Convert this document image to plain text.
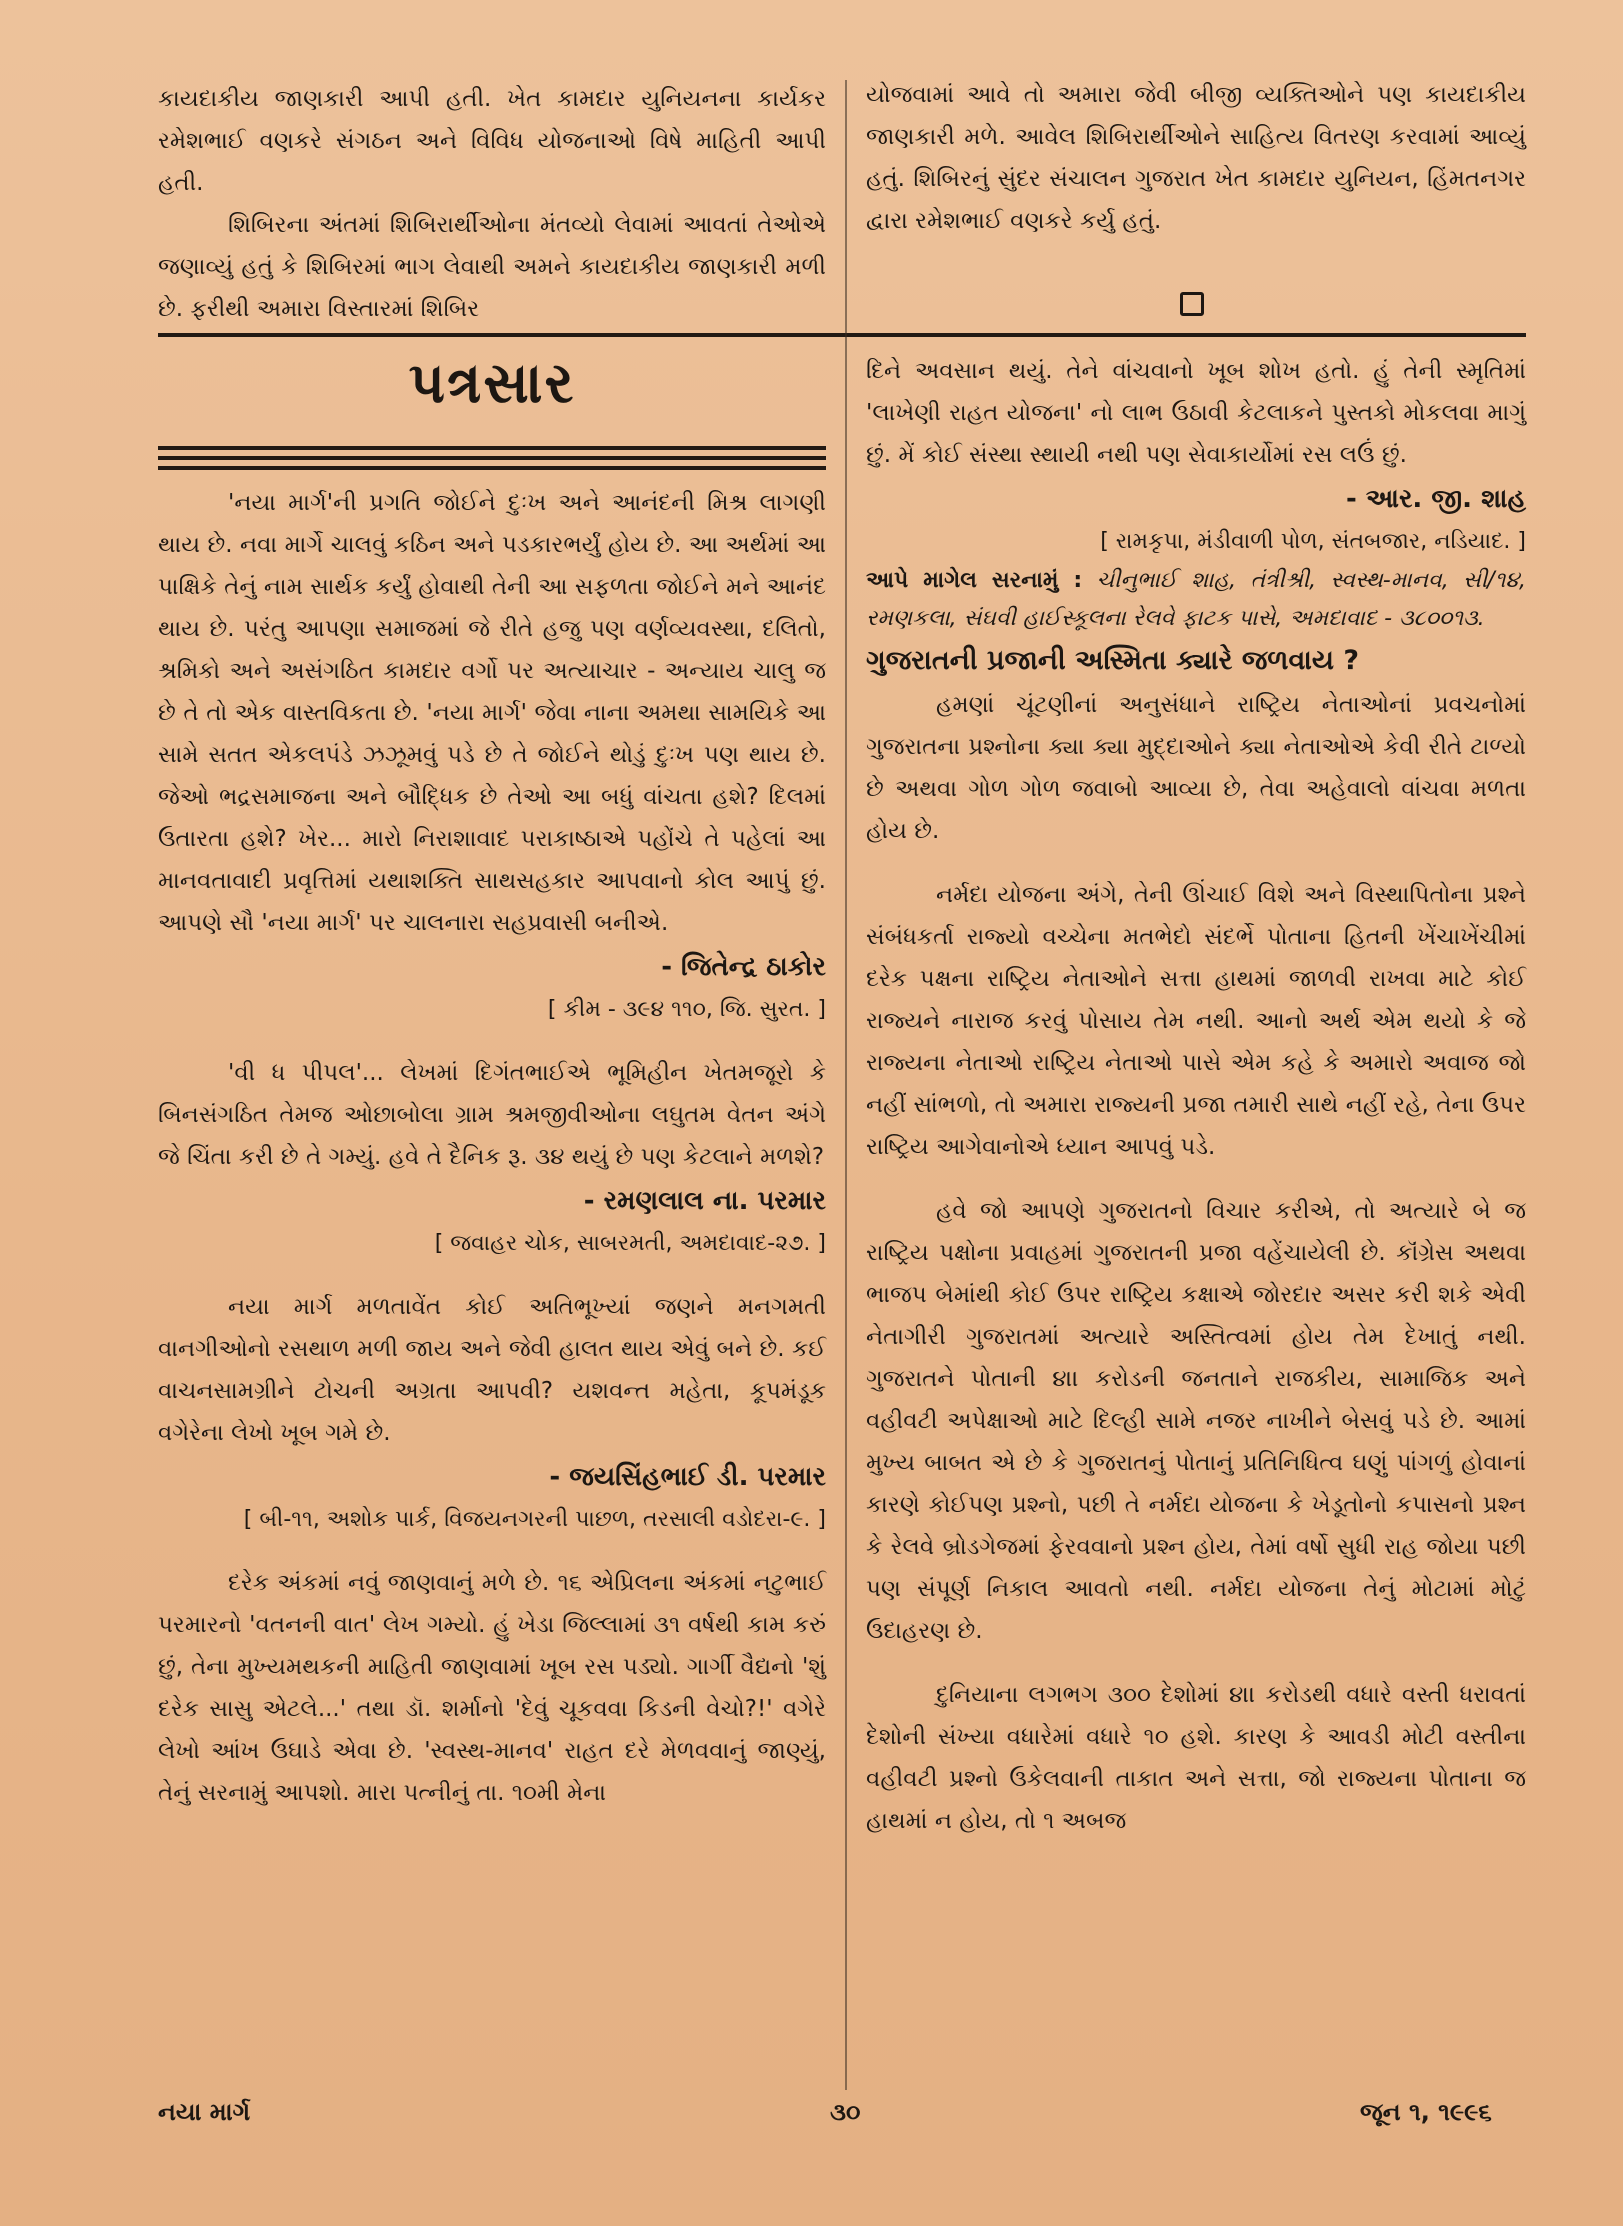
કાયદાકીય જાણકારી આપી હતી. ખેત કામદાર યુનિયનના કાર્યકર રમેશભાઈ વણકરે સંગઠન અને વિવિધ યોજનાઓ વિષે માહિતી આપી હતી.

શિબિરના અંતમાં શિબિરાર્થીઓના મંતવ્યો લેવામાં આવતાં તેઓએ જણાવ્યું હતું કે શિબિરમાં ભાગ લેવાથી અમને કાયદાકીય જાણકારી મળી છે. ફરીથી અમારા વિસ્તારમાં શિબિર

યોજવામાં આવે તો અમારા જેવી બીજી વ્યક્તિઓને પણ કાયદાકીય જાણકારી મળે. આવેલ શિબિરાર્થીઓને સાહિત્ય વિતરણ કરવામાં આવ્યું હતું. શિબિરનું સુંદર સંચાલન ગુજરાત ખેત કામદાર યુનિયન, હિંમતનગર દ્વારા રમેશભાઈ વણકરે કર્યુ હતું.

પત્રસાર

'નયા માર્ગ'ની પ્રગતિ જોઈને દુઃખ અને આનંદની મિશ્ર લાગણી થાય છે. નવા માર્ગે ચાલવું કઠિન અને પડકારભર્યું હોય છે. આ અર્થમાં આ પાક્ષિકે તેનું નામ સાર્થક કર્યું હોવાથી તેની આ સફળતા જોઈને મને આનંદ થાય છે. પરંતુ આપણા સમાજમાં જે રીતે હજુ પણ વર્ણવ્યવસ્થા, દલિતો, શ્રમિકો અને અસંગઠિત કામદાર વર્ગો પર અત્યાચાર - અન્યાય ચાલુ જ છે તે તો એક વાસ્તવિકતા છે. 'નયા માર્ગ' જેવા નાના અમથા સામયિકે આ સામે સતત એકલપંડે ઝઝૂમવું પડે છે તે જોઈને થોડું દુઃખ પણ થાય છે. જેઓ ભદ્રસમાજના અને બૌદ્ધિક છે તેઓ આ બધું વાંચતા હશે? દિલમાં ઉતારતા હશે? ખેર... મારો નિરાશાવાદ પરાકાષ્ઠાએ પહોંચે તે પહેલાં આ માનવતાવાદી પ્રવૃત્તિમાં યથાશક્તિ સાથસહકાર આપવાનો કોલ આપું છું. આપણે સૌ 'નયા માર્ગ' પર ચાલનારા સહપ્રવાસી બનીએ.

- જિતેન્દ્ર ઠાકોર

[ કીમ - ૩૯૪ ૧૧૦, જિ. સુરત. ]

'વી ધ પીપલ'... લેખમાં દિગંતભાઈએ ભૂમિહીન ખેતમજૂરો કે બિનસંગઠિત તેમજ ઓછાબોલા ગ્રામ શ્રમજીવીઓના લઘુતમ વેતન અંગે જે ચિંતા કરી છે તે ગમ્યું. હવે તે દૈનિક રૂ. ૩૪ થયું છે પણ કેટલાને મળશે?

- રમણલાલ ના. પરમાર

[ જવાહર ચોક, સાબરમતી, અમદાવાદ-૨૭. ]

નયા માર્ગ મળતાવેંત કોઈ અતિભૂખ્યાં જણને મનગમતી વાનગીઓનો રસથાળ મળી જાય અને જેવી હાલત થાય એવું બને છે. કઈ વાચનસામગ્રીને ટોચની અગ્રતા આપવી? યશવન્ત મહેતા, કૂપમંડૂક વગેરેના લેખો ખૂબ ગમે છે.

- જયસિંહભાઈ ડી. પરમાર

[ બી-૧૧, અશોક પાર્ક, વિજયનગરની પાછળ, તરસાલી વડોદરા-૯. ]

દરેક અંકમાં નવું જાણવાનું મળે છે. ૧૬ એપ્રિલના અંકમાં નટુભાઈ પરમારનો 'વતનની વાત' લેખ ગમ્યો. હું ખેડા જિલ્લામાં ૩૧ વર્ષથી કામ કરું છું, તેના મુખ્યમથકની માહિતી જાણવામાં ખૂબ રસ પડ્યો. ગાર્ગી વૈદ્યનો 'શું દરેક સાસુ એટલે...' તથા ડૉ. શર્માનો 'દેવું ચૂકવવા કિડની વેચો?!' વગેરે લેખો આંખ ઉઘાડે એવા છે. 'સ્વસ્થ-માનવ' રાહત દરે મેળવવાનું જાણ્યું, તેનું સરનામું આપશો. મારા પત્નીનું તા. ૧૦મી મેના

દિને અવસાન થયું. તેને વાંચવાનો ખૂબ શોખ હતો. હું તેની સ્મૃતિમાં 'લાખેણી રાહત યોજના' નો લાભ ઉઠાવી કેટલાકને પુસ્તકો મોકલવા માગું છું. મેં કોઈ સંસ્થા સ્થાયી નથી પણ સેવાકાર્યોમાં રસ લઉં છું.

- આર. જી. શાહ

[ રામકૃપા, મંડીવાળી પોળ, સંતબજાર, નડિયાદ. ]

આપે માગેલ સરનામું : ચીનુભાઈ શાહ, તંત્રીશ્રી, સ્વસ્થ-માનવ, સી/૧૪, રમણકલા, સંઘવી હાઈસ્કૂલના રેલવે ફાટક પાસે, અમદાવાદ - ૩૮૦૦૧૩.

ગુજરાતની પ્રજાની અસ્મિતા ક્યારે જળવાય ?

હમણાં ચૂંટણીનાં અનુસંધાને રાષ્ટ્રિય નેતાઓનાં પ્રવચનોમાં ગુજરાતના પ્રશ્નોના ક્યા ક્યા મુદ્દાઓને ક્યા નેતાઓએ કેવી રીતે ટાળ્યો છે અથવા ગોળ ગોળ જવાબો આવ્યા છે, તેવા અહેવાલો વાંચવા મળતા હોય છે.

નર્મદા યોજના અંગે, તેની ઊંચાઈ વિશે અને વિસ્થાપિતોના પ્રશ્ને સંબંધકર્તા રાજ્યો વચ્ચેના મતભેદો સંદર્ભે પોતાના હિતની ખેંચાખેંચીમાં દરેક પક્ષના રાષ્ટ્રિય નેતાઓને સત્તા હાથમાં જાળવી રાખવા માટે કોઈ રાજ્યને નારાજ કરવું પોસાય તેમ નથી. આનો અર્થ એમ થયો કે જે રાજ્યના નેતાઓ રાષ્ટ્રિય નેતાઓ પાસે એમ કહે કે અમારો અવાજ જો નહીં સાંભળો, તો અમારા રાજ્યની પ્રજા તમારી સાથે નહીં રહે, તેના ઉપર રાષ્ટ્રિય આગેવાનોએ ધ્યાન આપવું પડે.

હવે જો આપણે ગુજરાતનો વિચાર કરીએ, તો અત્યારે બે જ રાષ્ટ્રિય પક્ષોના પ્રવાહમાં ગુજરાતની પ્રજા વહેંચાયેલી છે. કૉંગ્રેસ અથવા ભાજપ બેમાંથી કોઈ ઉપર રાષ્ટ્રિય કક્ષાએ જોરદાર અસર કરી શકે એવી નેતાગીરી ગુજરાતમાં અત્યારે અસ્તિત્વમાં હોય તેમ દેખાતું નથી. ગુજરાતને પોતાની ૪।। કરોડની જનતાને રાજકીય, સામાજિક અને વહીવટી અપેક્ષાઓ માટે દિલ્હી સામે નજર નાખીને બેસવું પડે છે. આમાં મુખ્ય બાબત એ છે કે ગુજરાતનું પોતાનું પ્રતિનિધિત્વ ઘણું પાંગળું હોવાનાં કારણે કોઈપણ પ્રશ્નો, પછી તે નર્મદા યોજના કે ખેડૂતોનો કપાસનો પ્રશ્ન કે રેલવે બ્રોડગેજમાં ફેરવવાનો પ્રશ્ન હોય, તેમાં વર્ષો સુધી રાહ જોયા પછી પણ સંપૂર્ણ નિકાલ આવતો નથી. નર્મદા યોજના તેનું મોટામાં મોટું ઉદાહરણ છે.

દુનિયાના લગભગ ૩૦૦ દેશોમાં ૪।। કરોડથી વધારે વસ્તી ધરાવતાં દેશોની સંખ્યા વધારેમાં વધારે ૧૦ હશે. કારણ કે આવડી મોટી વસ્તીના વહીવટી પ્રશ્નો ઉકેલવાની તાકાત અને સત્તા, જો રાજ્યના પોતાના જ હાથમાં ન હોય, તો ૧ અબજ

નયા માર્ગ	૩૦	જૂન ૧, ૧૯૯૬
